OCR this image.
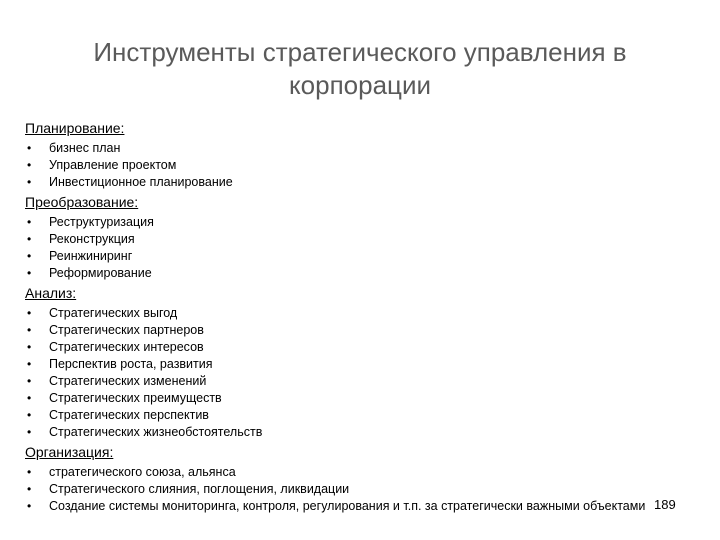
Инструменты стратегического управления в корпорации
Планирование:
• бизнес план
• Управление проектом
• Инвестиционное планирование
Преобразование:
• Реструктуризация
• Реконструкция
• Реинжиниринг
• Реформирование
Анализ:
• Стратегических выгод
• Стратегических партнеров
• Стратегических интересов
• Перспектив роста, развития
• Стратегических изменений
• Стратегических преимуществ
• Стратегических перспектив
• Стратегических жизнеобстоятельств
Организация:
• стратегического союза, альянса
• Стратегического слияния, поглощения, ликвидации
• Создание системы мониторинга, контроля, регулирования и т.п. за стратегически важными объектами 189
